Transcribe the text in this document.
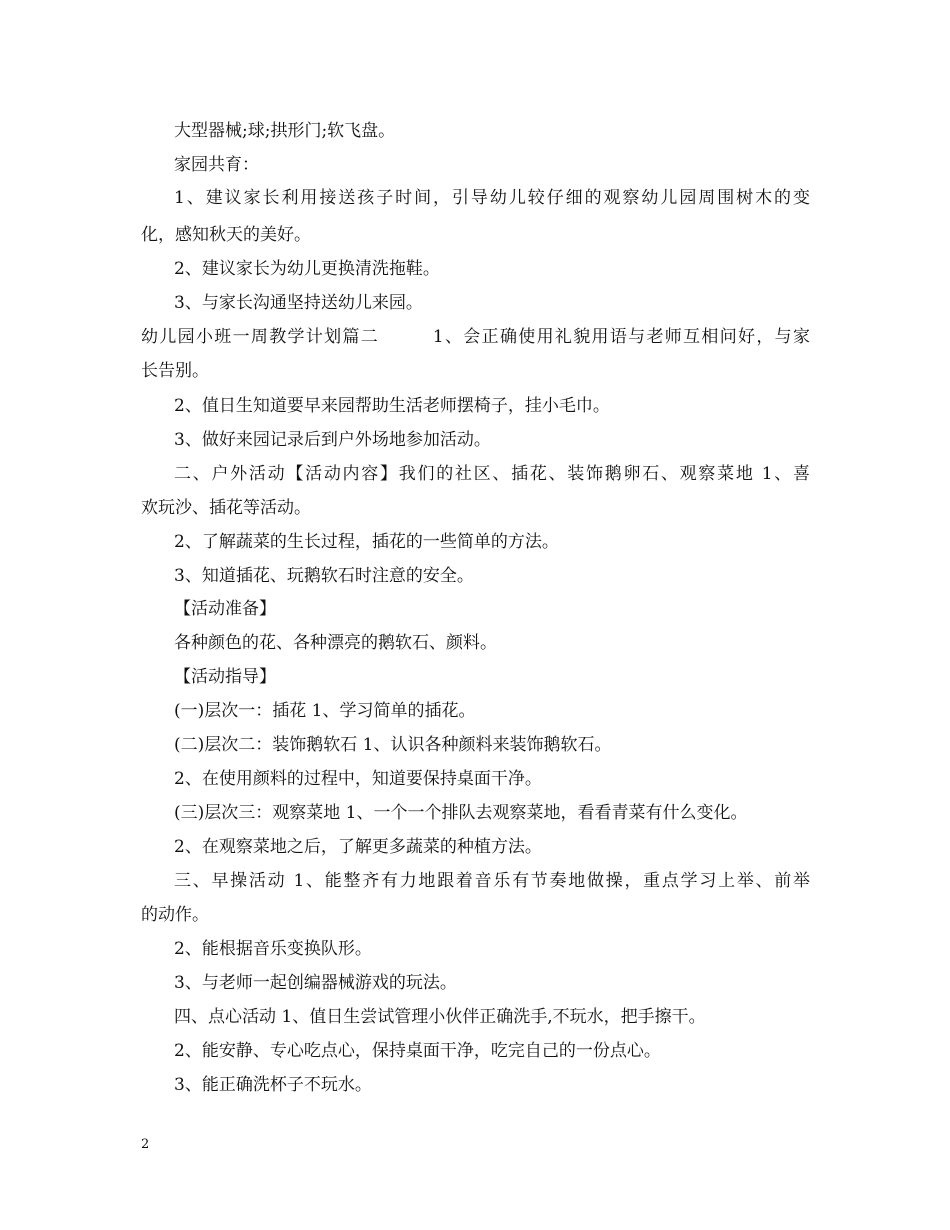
大型器械;球;拱形门;软飞盘。
家园共育：
1、建议家长利用接送孩子时间，引导幼儿较仔细的观察幼儿园周围树木的变
化，感知秋天的美好。
2、建议家长为幼儿更换清洗拖鞋。
3、与家长沟通坚持送幼儿来园。
幼儿园小班一周教学计划篇二        1、会正确使用礼貌用语与老师互相问好，与家
长告别。
2、值日生知道要早来园帮助生活老师摆椅子，挂小毛巾。
3、做好来园记录后到户外场地参加活动。
二、户外活动【活动内容】我们的社区、插花、装饰鹅卵石、观察菜地 1、喜
欢玩沙、插花等活动。
2、了解蔬菜的生长过程，插花的一些简单的方法。
3、知道插花、玩鹅软石时注意的安全。
【活动准备】
各种颜色的花、各种漂亮的鹅软石、颜料。
【活动指导】
(一)层次一：插花 1、学习简单的插花。
(二)层次二：装饰鹅软石 1、认识各种颜料来装饰鹅软石。
2、在使用颜料的过程中，知道要保持桌面干净。
(三)层次三：观察菜地 1、一个一个排队去观察菜地，看看青菜有什么变化。
2、在观察菜地之后，了解更多蔬菜的种植方法。
三、早操活动 1、能整齐有力地跟着音乐有节奏地做操，重点学习上举、前举
的动作。
2、能根据音乐变换队形。
3、与老师一起创编器械游戏的玩法。
四、点心活动 1、值日生尝试管理小伙伴正确洗手,不玩水，把手擦干。
2、能安静、专心吃点心，保持桌面干净，吃完自己的一份点心。
3、能正确洗杯子不玩水。
2
